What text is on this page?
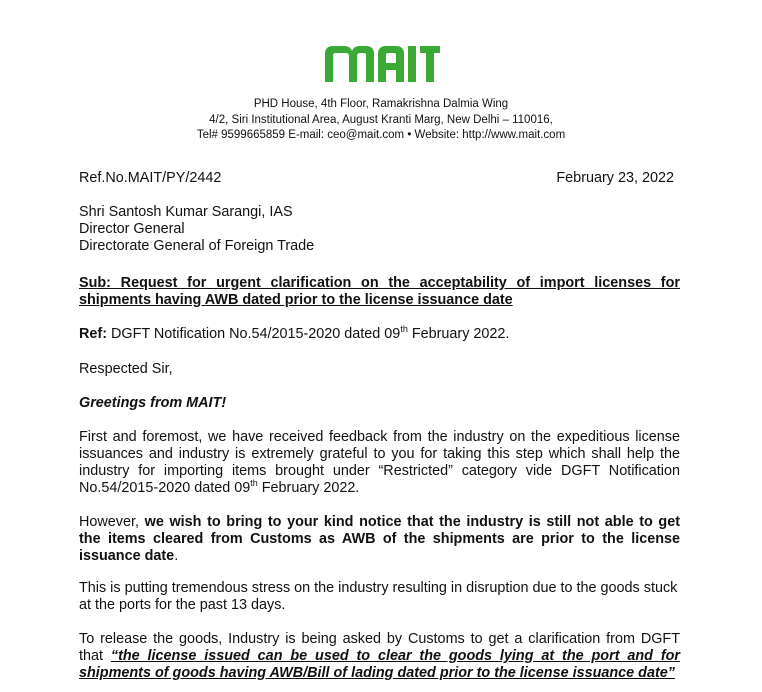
PHD House, 4th Floor, Ramakrishna Dalmia Wing
4/2, Siri Institutional Area, August Kranti Marg, New Delhi – 110016,
Tel# 9599665859 E-mail: ceo@mait.com • Website: http://www.mait.com
Ref.No.MAIT/PY/2442	February 23, 2022
Shri Santosh Kumar Sarangi, IAS
Director General
Directorate General of Foreign Trade
Sub: Request for urgent clarification on the acceptability of import licenses for
shipments having AWB dated prior to the license issuance date
Ref: DGFT Notification No.54/2015-2020 dated 09th February 2022.
Respected Sir,
Greetings from MAIT!
First and foremost, we have received feedback from the industry on the expeditious license
issuances and industry is extremely grateful to you for taking this step which shall help the
industry for importing items brought under “Restricted” category vide DGFT Notification
No.54/2015-2020 dated 09th February 2022.
However, we wish to bring to your kind notice that the industry is still not able to get
the items cleared from Customs as AWB of the shipments are prior to the license
issuance date.
This is putting tremendous stress on the industry resulting in disruption due to the goods stuck
at the ports for the past 13 days.
To release the goods, Industry is being asked by Customs to get a clarification from DGFT
that “the license issued can be used to clear the goods lying at the port and for
shipments of goods having AWB/Bill of lading dated prior to the license issuance date”
